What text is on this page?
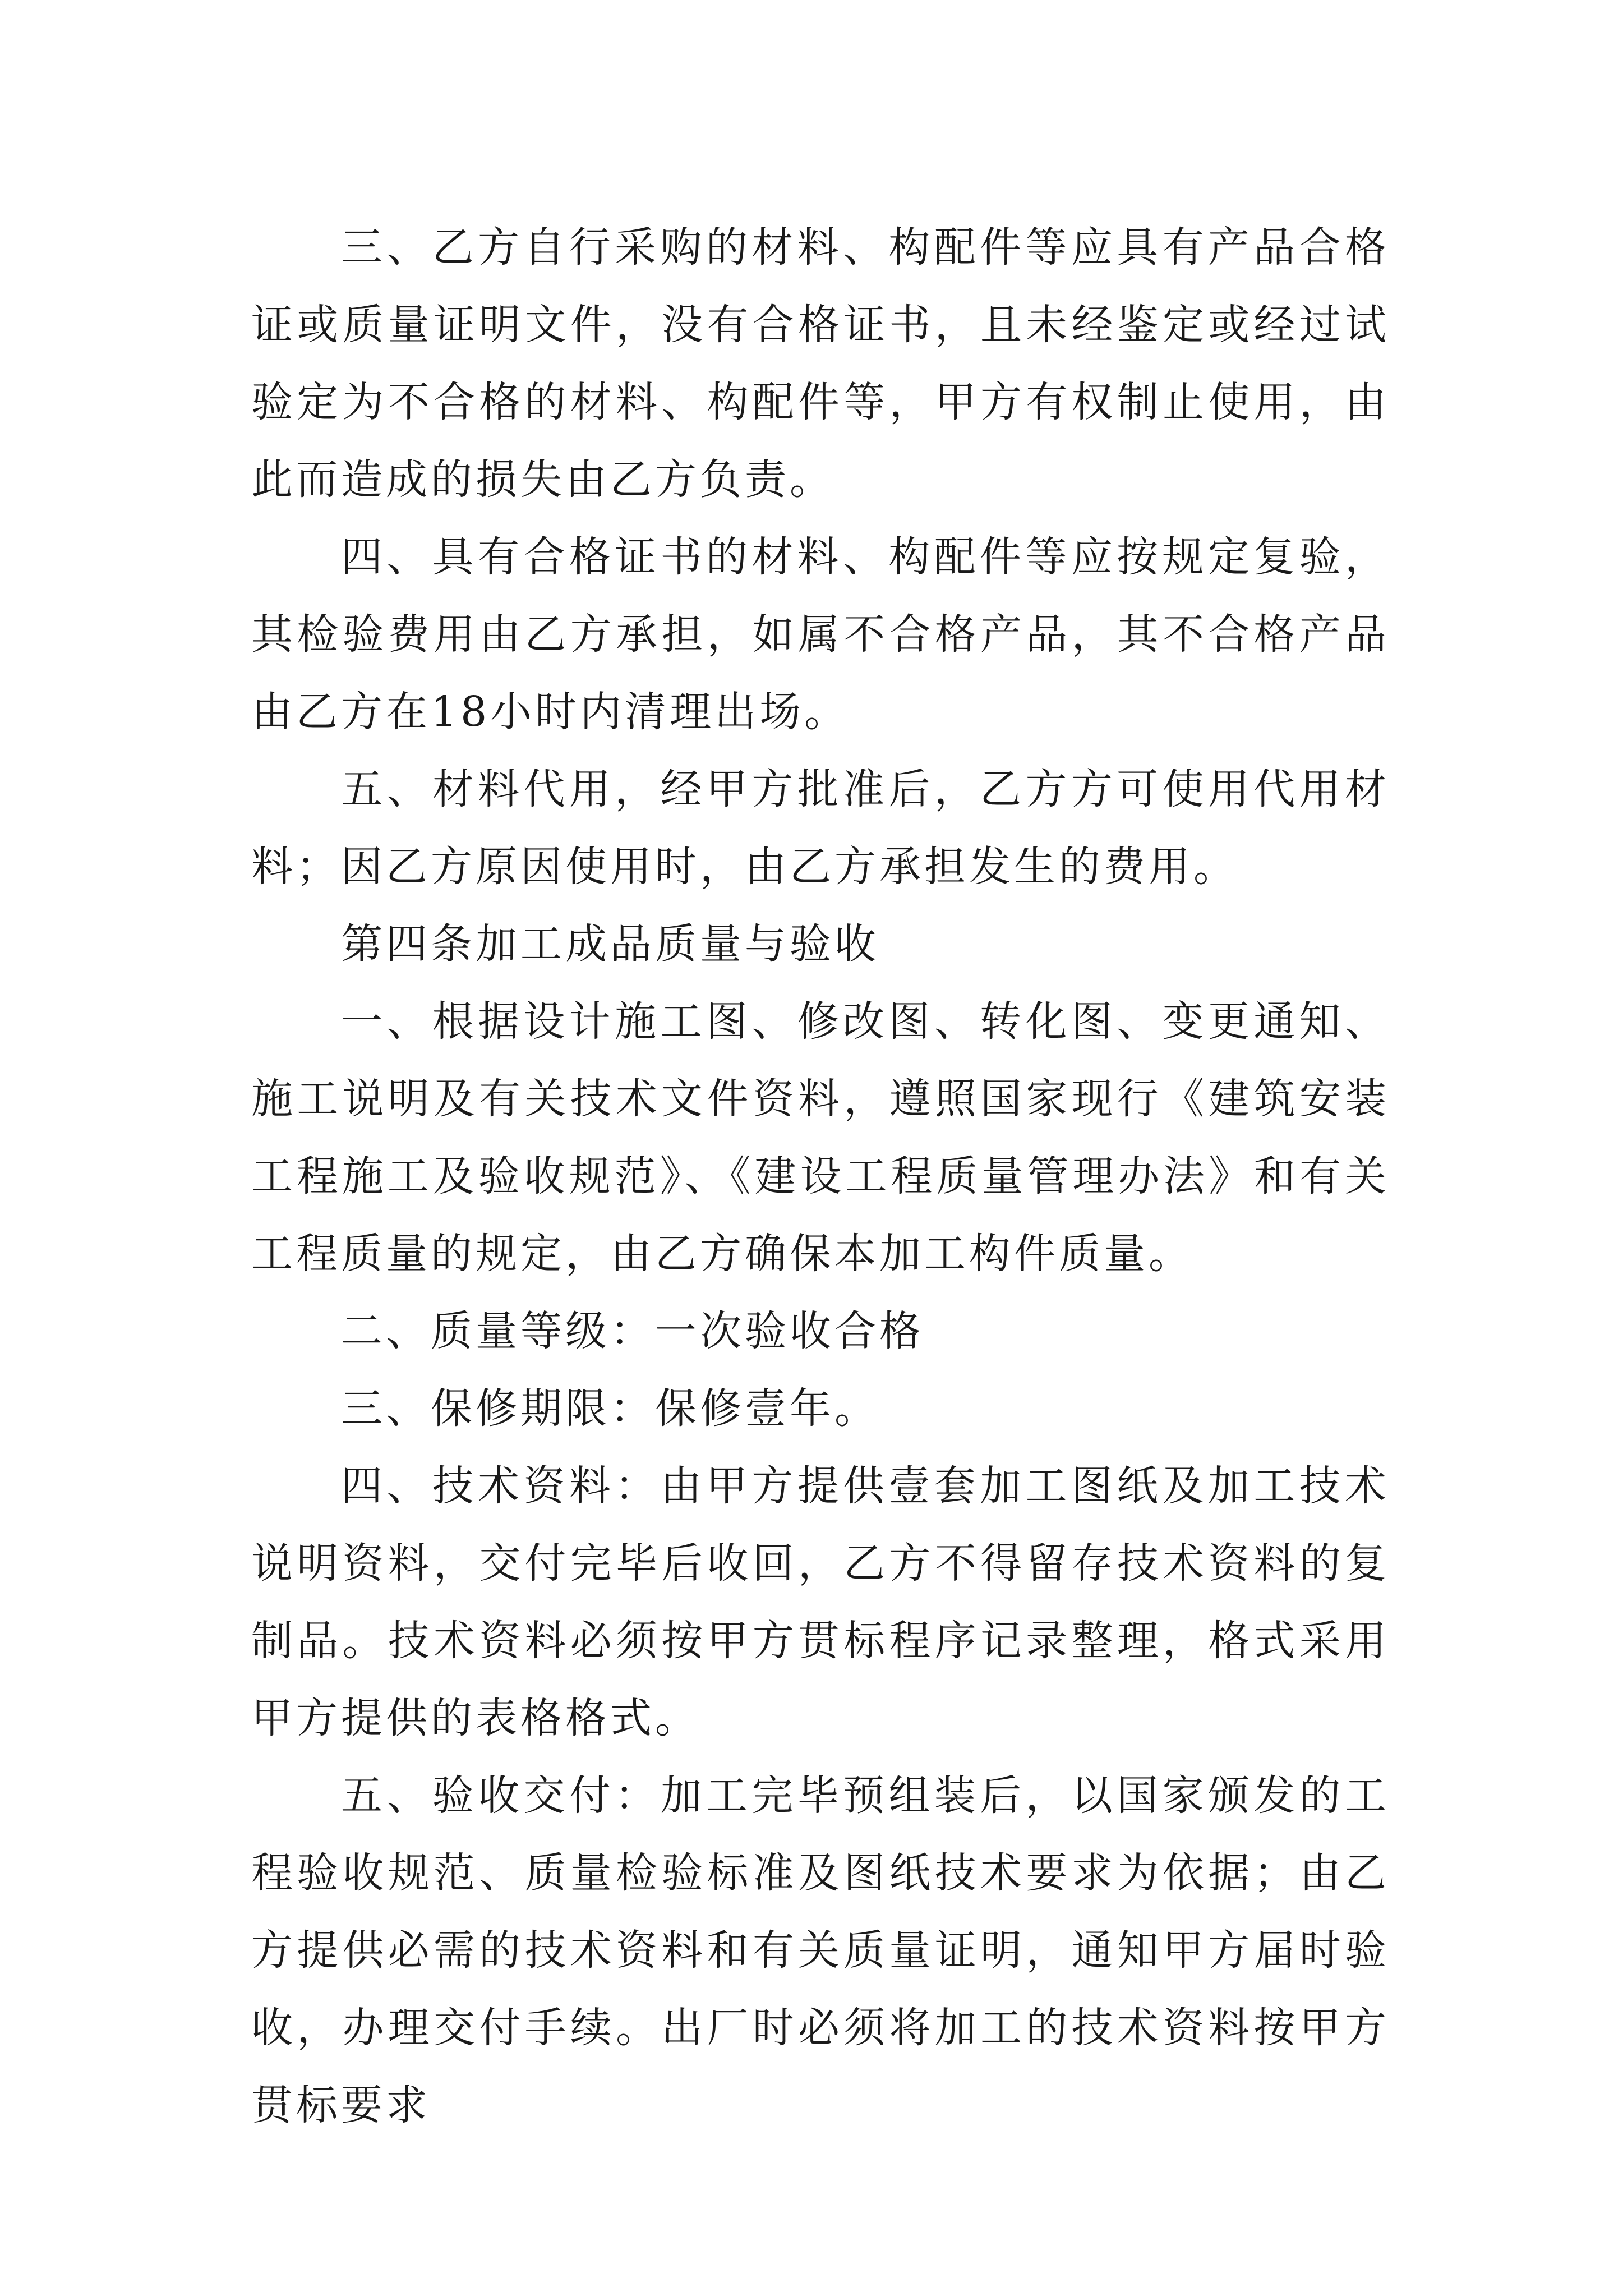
三、乙方自行采购的材料、构配件等应具有产品合格证或质量证明文件，没有合格证书，且未经鉴定或经过试验定为不合格的材料、构配件等，甲方有权制止使用，由此而造成的损失由乙方负责。

四、具有合格证书的材料、构配件等应按规定复验，其检验费用由乙方承担，如属不合格产品，其不合格产品由乙方在18小时内清理出场。

五、材料代用，经甲方批准后，乙方方可使用代用材料；因乙方原因使用时，由乙方承担发生的费用。

第四条加工成品质量与验收

一、根据设计施工图、修改图、转化图、变更通知、施工说明及有关技术文件资料，遵照国家现行《建筑安装工程施工及验收规范》、《建设工程质量管理办法》和有关工程质量的规定，由乙方确保本加工构件质量。

二、质量等级：一次验收合格

三、保修期限：保修壹年。

四、技术资料：由甲方提供壹套加工图纸及加工技术说明资料，交付完毕后收回，乙方不得留存技术资料的复制品。技术资料必须按甲方贯标程序记录整理，格式采用甲方提供的表格格式。

五、验收交付：加工完毕预组装后，以国家颁发的工程验收规范、质量检验标准及图纸技术要求为依据；由乙方提供必需的技术资料和有关质量证明，通知甲方届时验收，办理交付手续。出厂时必须将加工的技术资料按甲方贯标要求
